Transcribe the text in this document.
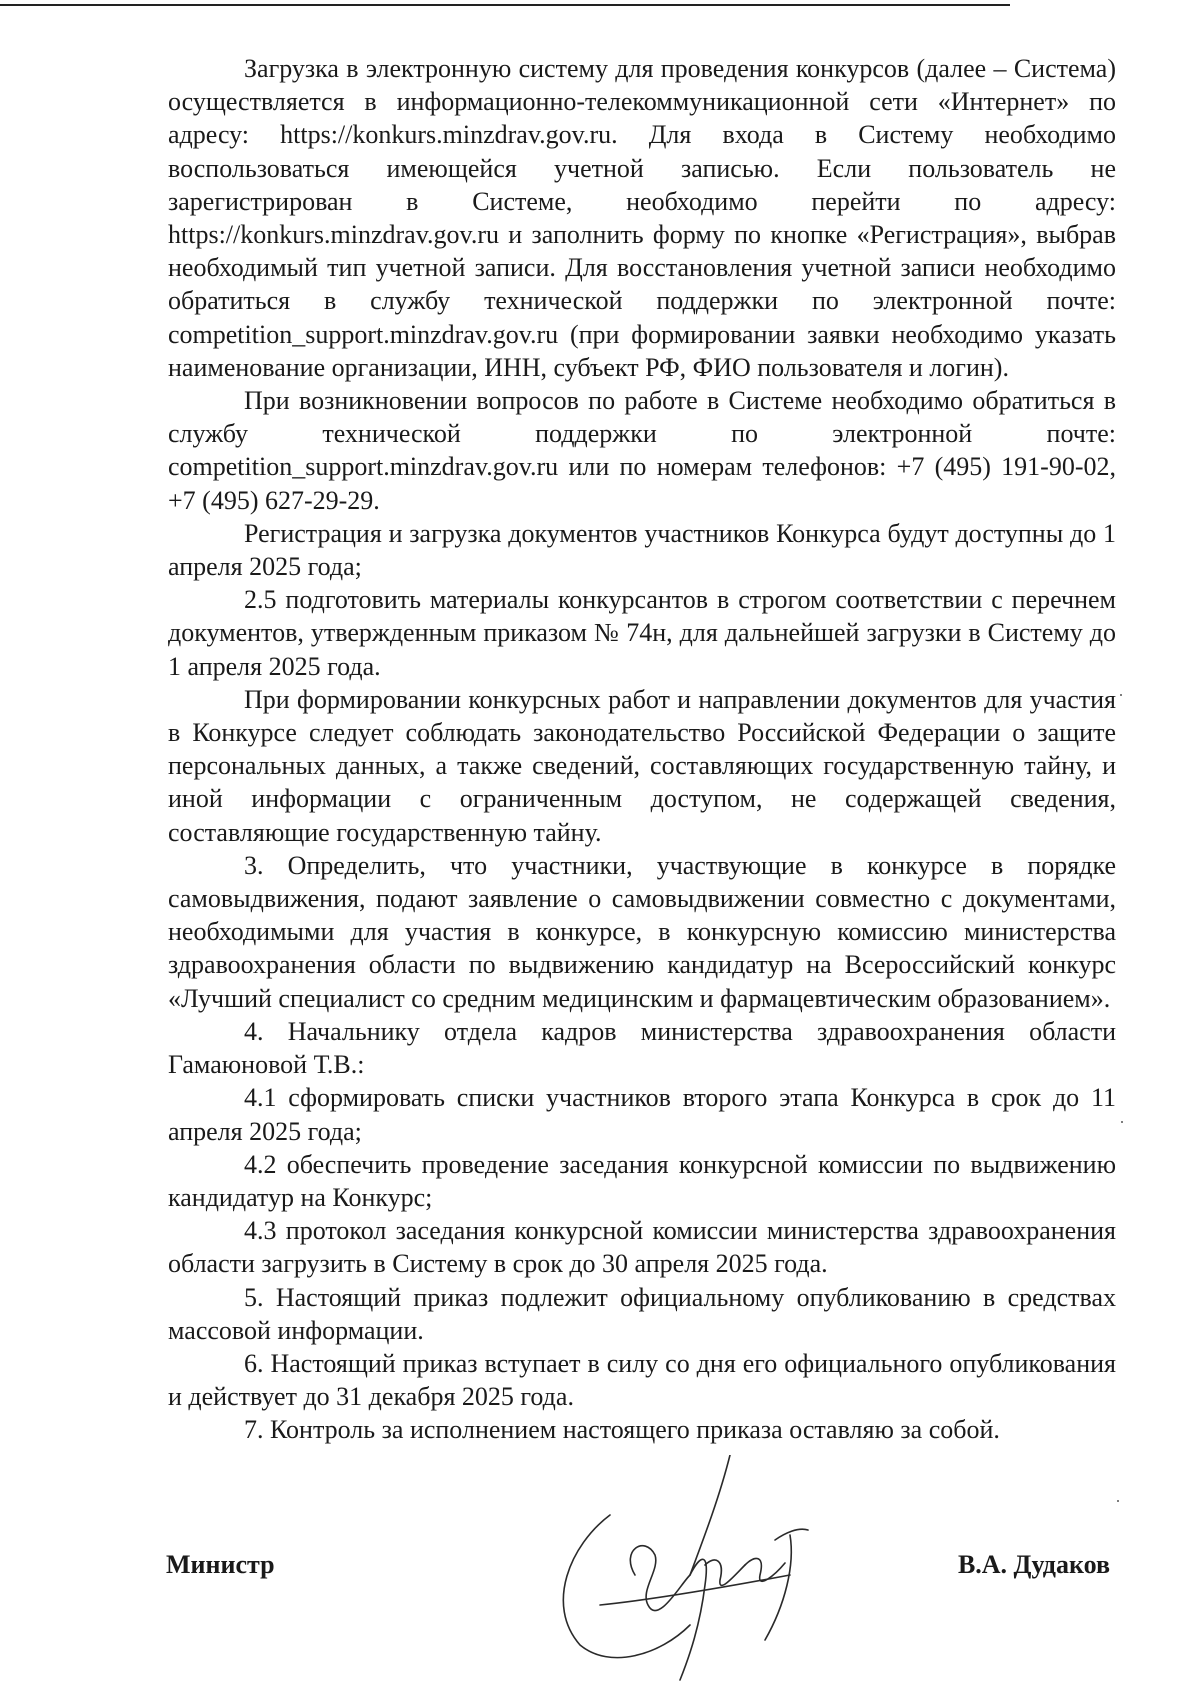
Загрузка в электронную систему для проведения конкурсов (далее – Система) осуществляется в информационно-телекоммуникационной сети «Интернет» по адресу: https://konkurs.minzdrav.gov.ru. Для входа в Систему необходимо воспользоваться имеющейся учетной записью. Если пользователь не зарегистрирован в Системе, необходимо перейти по адресу: https://konkurs.minzdrav.gov.ru и заполнить форму по кнопке «Регистрация», выбрав необходимый тип учетной записи. Для восстановления учетной записи необходимо обратиться в службу технической поддержки по электронной почте: competition_support.minzdrav.gov.ru (при формировании заявки необходимо указать наименование организации, ИНН, субъект РФ, ФИО пользователя и логин).

При возникновении вопросов по работе в Системе необходимо обратиться в службу технической поддержки по электронной почте: competition_support.minzdrav.gov.ru или по номерам телефонов: +7 (495) 191-90-02, +7 (495) 627-29-29.

Регистрация и загрузка документов участников Конкурса будут доступны до 1 апреля 2025 года;

2.5 подготовить материалы конкурсантов в строгом соответствии с перечнем документов, утвержденным приказом № 74н, для дальнейшей загрузки в Систему до 1 апреля 2025 года.

При формировании конкурсных работ и направлении документов для участия в Конкурсе следует соблюдать законодательство Российской Федерации о защите персональных данных, а также сведений, составляющих государственную тайну, и иной информации с ограниченным доступом, не содержащей сведения, составляющие государственную тайну.

3. Определить, что участники, участвующие в конкурсе в порядке самовыдвижения, подают заявление о самовыдвижении совместно с документами, необходимыми для участия в конкурсе, в конкурсную комиссию министерства здравоохранения области по выдвижению кандидатур на Всероссийский конкурс «Лучший специалист со средним медицинским и фармацевтическим образованием».

4. Начальнику отдела кадров министерства здравоохранения области Гамаюновой Т.В.:

4.1 сформировать списки участников второго этапа Конкурса в срок до 11 апреля 2025 года;

4.2 обеспечить проведение заседания конкурсной комиссии по выдвижению кандидатур на Конкурс;

4.3 протокол заседания конкурсной комиссии министерства здравоохранения области загрузить в Систему в срок до 30 апреля 2025 года.

5. Настоящий приказ подлежит официальному опубликованию в средствах массовой информации.

6. Настоящий приказ вступает в силу со дня его официального опубликования и действует до 31 декабря 2025 года.

7. Контроль за исполнением настоящего приказа оставляю за собой.

Министр	В.А. Дудаков
